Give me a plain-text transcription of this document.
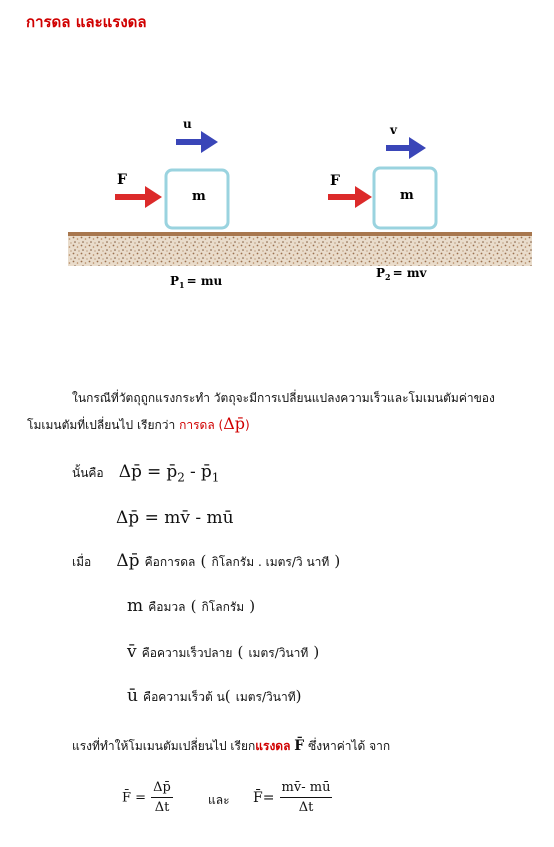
การดล และแรงดล
m
F
u
$P_1$ = mu
m
F
v
$P_2$ = mv
ในกรณีที่วัตถุถูกแรงกระทำ วัตถุจะมีการเปลี่ยนแปลงความเร็วและโมเมนตัมค่าของ
โมเมนตัมที่เปลี่ยนไป เรียกว่า การดล (Δp̄)
นั้นคือ Δp̄ = $p̄_2$ - $p̄_1$
Δp̄ = mv̄ - mū
เมื่อ Δp̄ คือการดล ( กิโลกรัม . เมตร/วิ นาที )
m คือมวล ( กิโลกรัม )
v̄ คือความเร็วปลาย ( เมตร/วินาที )
ū คือความเร็วต้ น( เมตร/วินาที)
แรงที่ทำให้โมเมนตัมเปลี่ยนไป เรียกแรงดล F̄ ซึ่งหาค่าได้ จาก
F̄ = $\frac{\Delta p̄}{\Delta t}$	และ F̄= $\frac{mv̄- mū}{\Delta t}$
